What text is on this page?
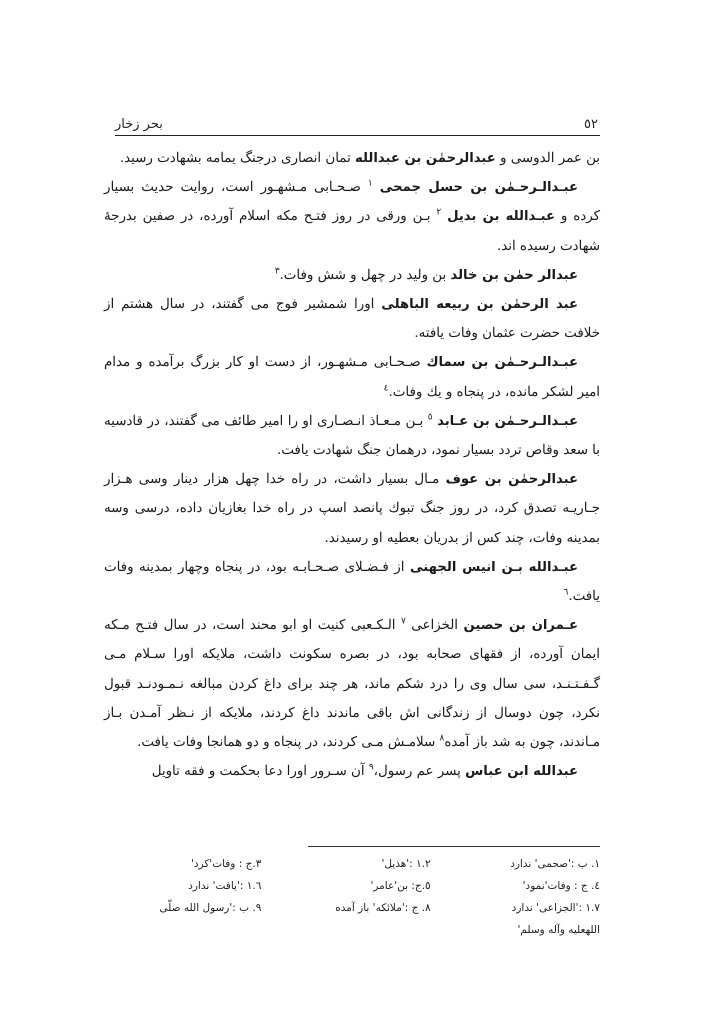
٥٢
بحر زخار

بن عمر الدوسی و عبدالرحمٰن بن عبدالله تمان انصاری درجنگ یمامه بشهادت رسید.

عبـدالـرحـمٰن بن حسل جمحی $^١$ صـحـابی مـشهـور است، روایت حدیث بسیار کرده و عبـدالله بن بدیل $^٢$ بـن ورقی در روز فتـح مکه اسلام آورده، در صفین بدرجهٔ شهادت رسیده اند.

عبدالر حمٰن بن خالد بن ولید در چهل و شش وفات.$^٣$

عبد الرحمٰن بن ربیعه الباهلی اورا شمشیر فوج می گفتند، در سال هشتم از خلافت حضرت عثمان وفات یافته.

عبـدالـرحـمٰن بن سماك صـحـابی مـشهـور، از دست او کار بزرگ برآمده و مدام امیر لشکر مانده، در پنجاه و یك وفات.$^٤$

عبـدالـرحـمٰن بن عـابد $^٥$ بـن مـعـاذ انـصـاری او را امیر طائف می گفتند، در قادسیه با سعد وقاص تردد بسیار نمود، درهمان جنگ شهادت یافت.

عبدالرحمٰن بن عوف مـال بسیار داشت، در راه خدا چهل هزار دینار وسی هـزار جـاریـه تصدق کرد، در روز جنگ تبوك پانصد اسپ در راه خدا بغازیان داده، درسی وسه بمدینه وفات، چند کس از بدریان بعطیه او رسیدند.

عبـدالله بـن انیس الجهنی از فـضـلای صـحـابـه بود، در پنجاه وچهار بمدینه وفات یافت.$^٦$

عـمران بن حصین الخزاعی $^٧$ الـکـعبی کنیت او ابو محند است، در سال فتـح مـکه ایمان آورده، از فقهای صحابه بود، در بصره سکونت داشت، ملایکه اورا سـلام مـی گـفـتـنـد، سی سال وی را درد شکم ماند، هر چند برای داغ کردن مبالغه نـمـودنـد قبول نکرد، چون دوسال از زندگانی اش باقی ماندند داغ کردند، ملایکه از نـظر آمـدن بـاز مـاندند، چون به شد باز آمده$^٨$ سلامـش مـی کردند، در پنجاه و دو همانجا وفات یافت.

عبدالله ابن عباس پسر عم رسول،$^٩$ آن سـرور اورا دعا بحکمت و فقه تاویل

١. ب :'صحمی' ندارد
١.٢ :'هذیل'
٣.ج : وفات'کرد'
٤. ج : وفات'نمود'
٥.ج: بن'عامر'
١.٦ :'یافت' ندارد
١.٧ :'الجزاعی' ندارد
٨. ج :'ملائکه' باز آمده
٩. ب :'رسول الله صلّی
اللهعلیه وآله وسلم'
